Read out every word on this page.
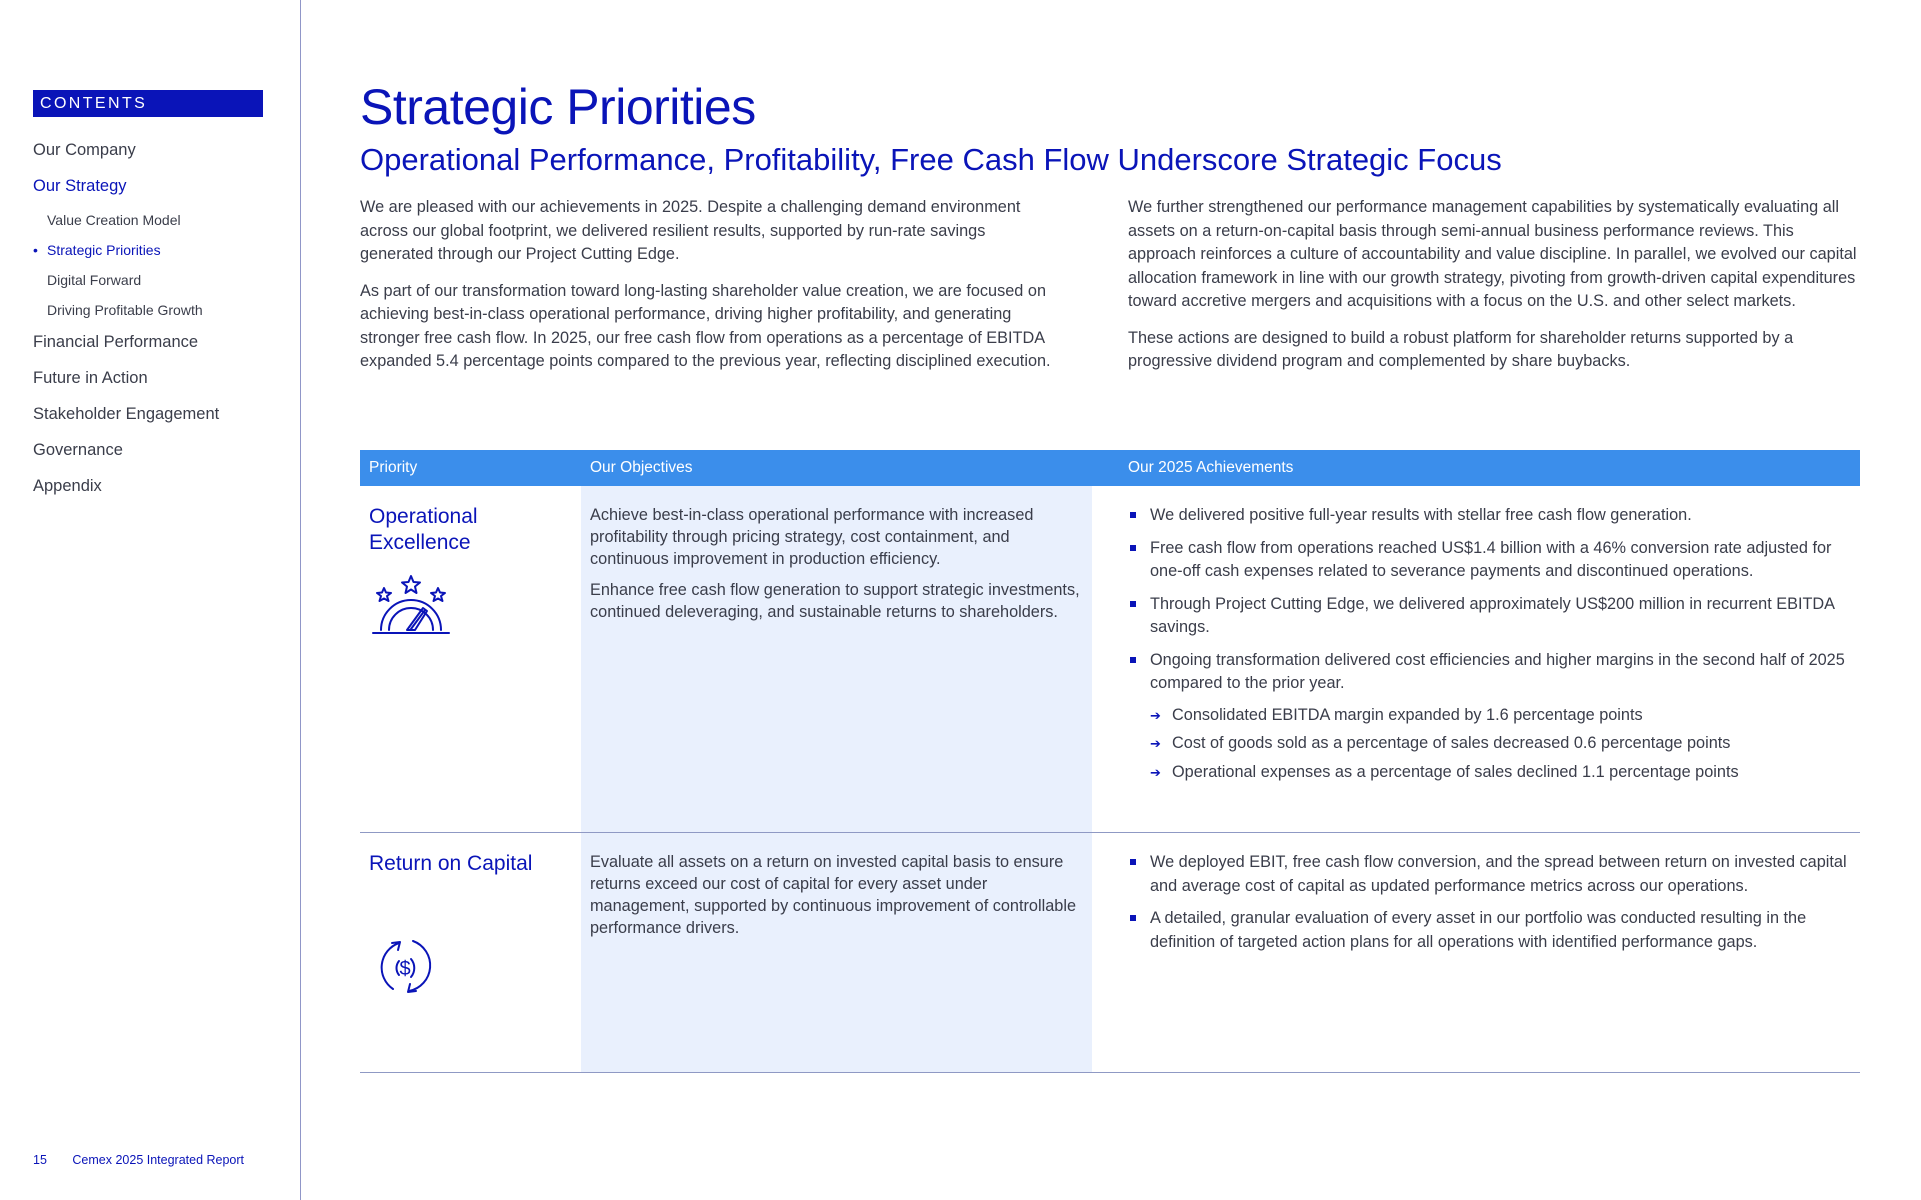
CONTENTS
Our Company
Our Strategy
Value Creation Model
• Strategic Priorities
Digital Forward
Driving Profitable Growth
Financial Performance
Future in Action
Stakeholder Engagement
Governance
Appendix
15 Cemex 2025 Integrated Report
Strategic Priorities
Operational Performance, Profitability, Free Cash Flow Underscore Strategic Focus

We are pleased with our achievements in 2025. Despite a challenging demand environment across our global footprint, we delivered resilient results, supported by run-rate savings generated through our Project Cutting Edge.

As part of our transformation toward long-lasting shareholder value creation, we are focused on achieving best-in-class operational performance, driving higher profitability, and generating stronger free cash flow. In 2025, our free cash flow from operations as a percentage of EBITDA expanded 5.4 percentage points compared to the previous year, reflecting disciplined execution.

We further strengthened our performance management capabilities by systematically evaluating all assets on a return-on-capital basis through semi-annual business performance reviews. This approach reinforces a culture of accountability and value discipline. In parallel, we evolved our capital allocation framework in line with our growth strategy, pivoting from growth-driven capital expenditures toward accretive mergers and acquisitions with a focus on the U.S. and other select markets.

These actions are designed to build a robust platform for shareholder returns supported by a progressive dividend program and complemented by share buybacks.

Priority	Our Objectives	Our 2025 Achievements
Operational Excellence

Achieve best-in-class operational performance with increased profitability through pricing strategy, cost containment, and continuous improvement in production efficiency.

Enhance free cash flow generation to support strategic investments, continued deleveraging, and sustainable returns to shareholders.

We delivered positive full-year results with stellar free cash flow generation.
Free cash flow from operations reached US$1.4 billion with a 46% conversion rate adjusted for one-off cash expenses related to severance payments and discontinued operations.
Through Project Cutting Edge, we delivered approximately US$200 million in recurrent EBITDA savings.
Ongoing transformation delivered cost efficiencies and higher margins in the second half of 2025 compared to the prior year.
➔ Consolidated EBITDA margin expanded by 1.6 percentage points
➔ Cost of goods sold as a percentage of sales decreased 0.6 percentage points
➔ Operational expenses as a percentage of sales declined 1.1 percentage points
Return on Capital
$

Evaluate all assets on a return on invested capital basis to ensure returns exceed our cost of capital for every asset under management, supported by continuous improvement of controllable performance drivers.

We deployed EBIT, free cash flow conversion, and the spread between return on invested capital and average cost of capital as updated performance metrics across our operations.
A detailed, granular evaluation of every asset in our portfolio was conducted resulting in the definition of targeted action plans for all operations with identified performance gaps.
